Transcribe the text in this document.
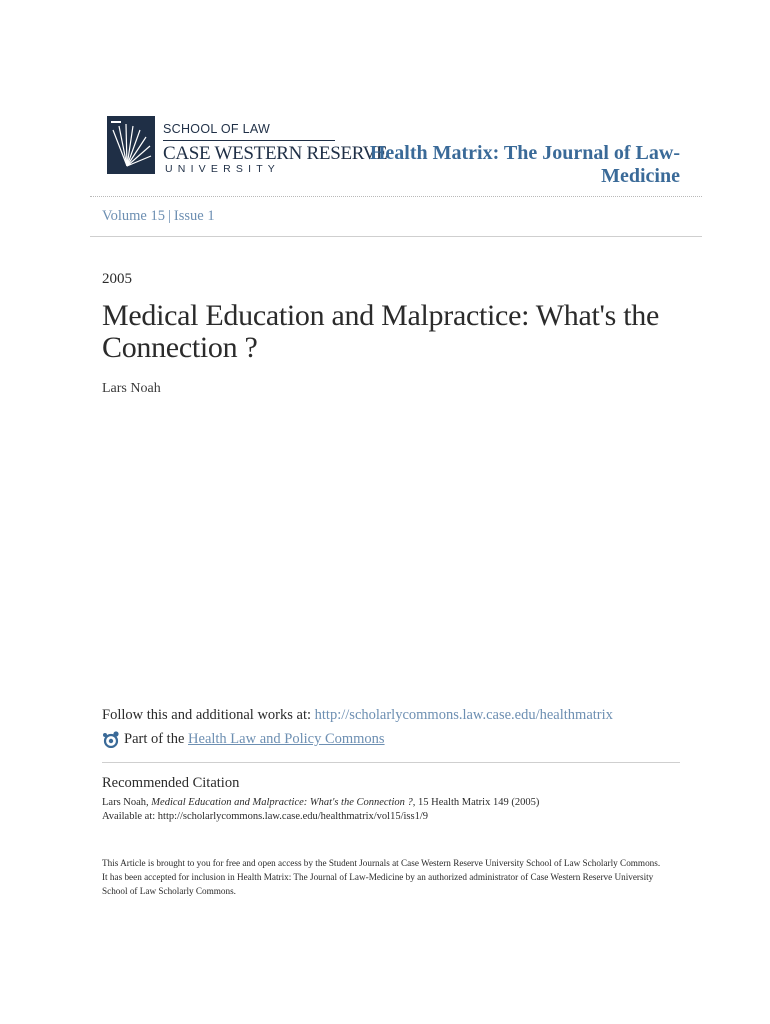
SCHOOL OF LAW
CASE WESTERN RESERVE
UNIVERSITY
Health Matrix: The Journal of Law-
Medicine
Volume 15 | Issue 1
2005
Medical Education and Malpractice: What's the
Connection ?
Lars Noah
Follow this and additional works at: http://scholarlycommons.law.case.edu/healthmatrix
Part of the
Health Law and Policy Commons
Recommended Citation
Lars Noah, Medical Education and Malpractice: What's the Connection ?, 15 Health Matrix 149 (2005)
Available at: http://scholarlycommons.law.case.edu/healthmatrix/vol15/iss1/9
This Article is brought to you for free and open access by the Student Journals at Case Western Reserve University School of Law Scholarly Commons.
It has been accepted for inclusion in Health Matrix: The Journal of Law-Medicine by an authorized administrator of Case Western Reserve University
School of Law Scholarly Commons.
